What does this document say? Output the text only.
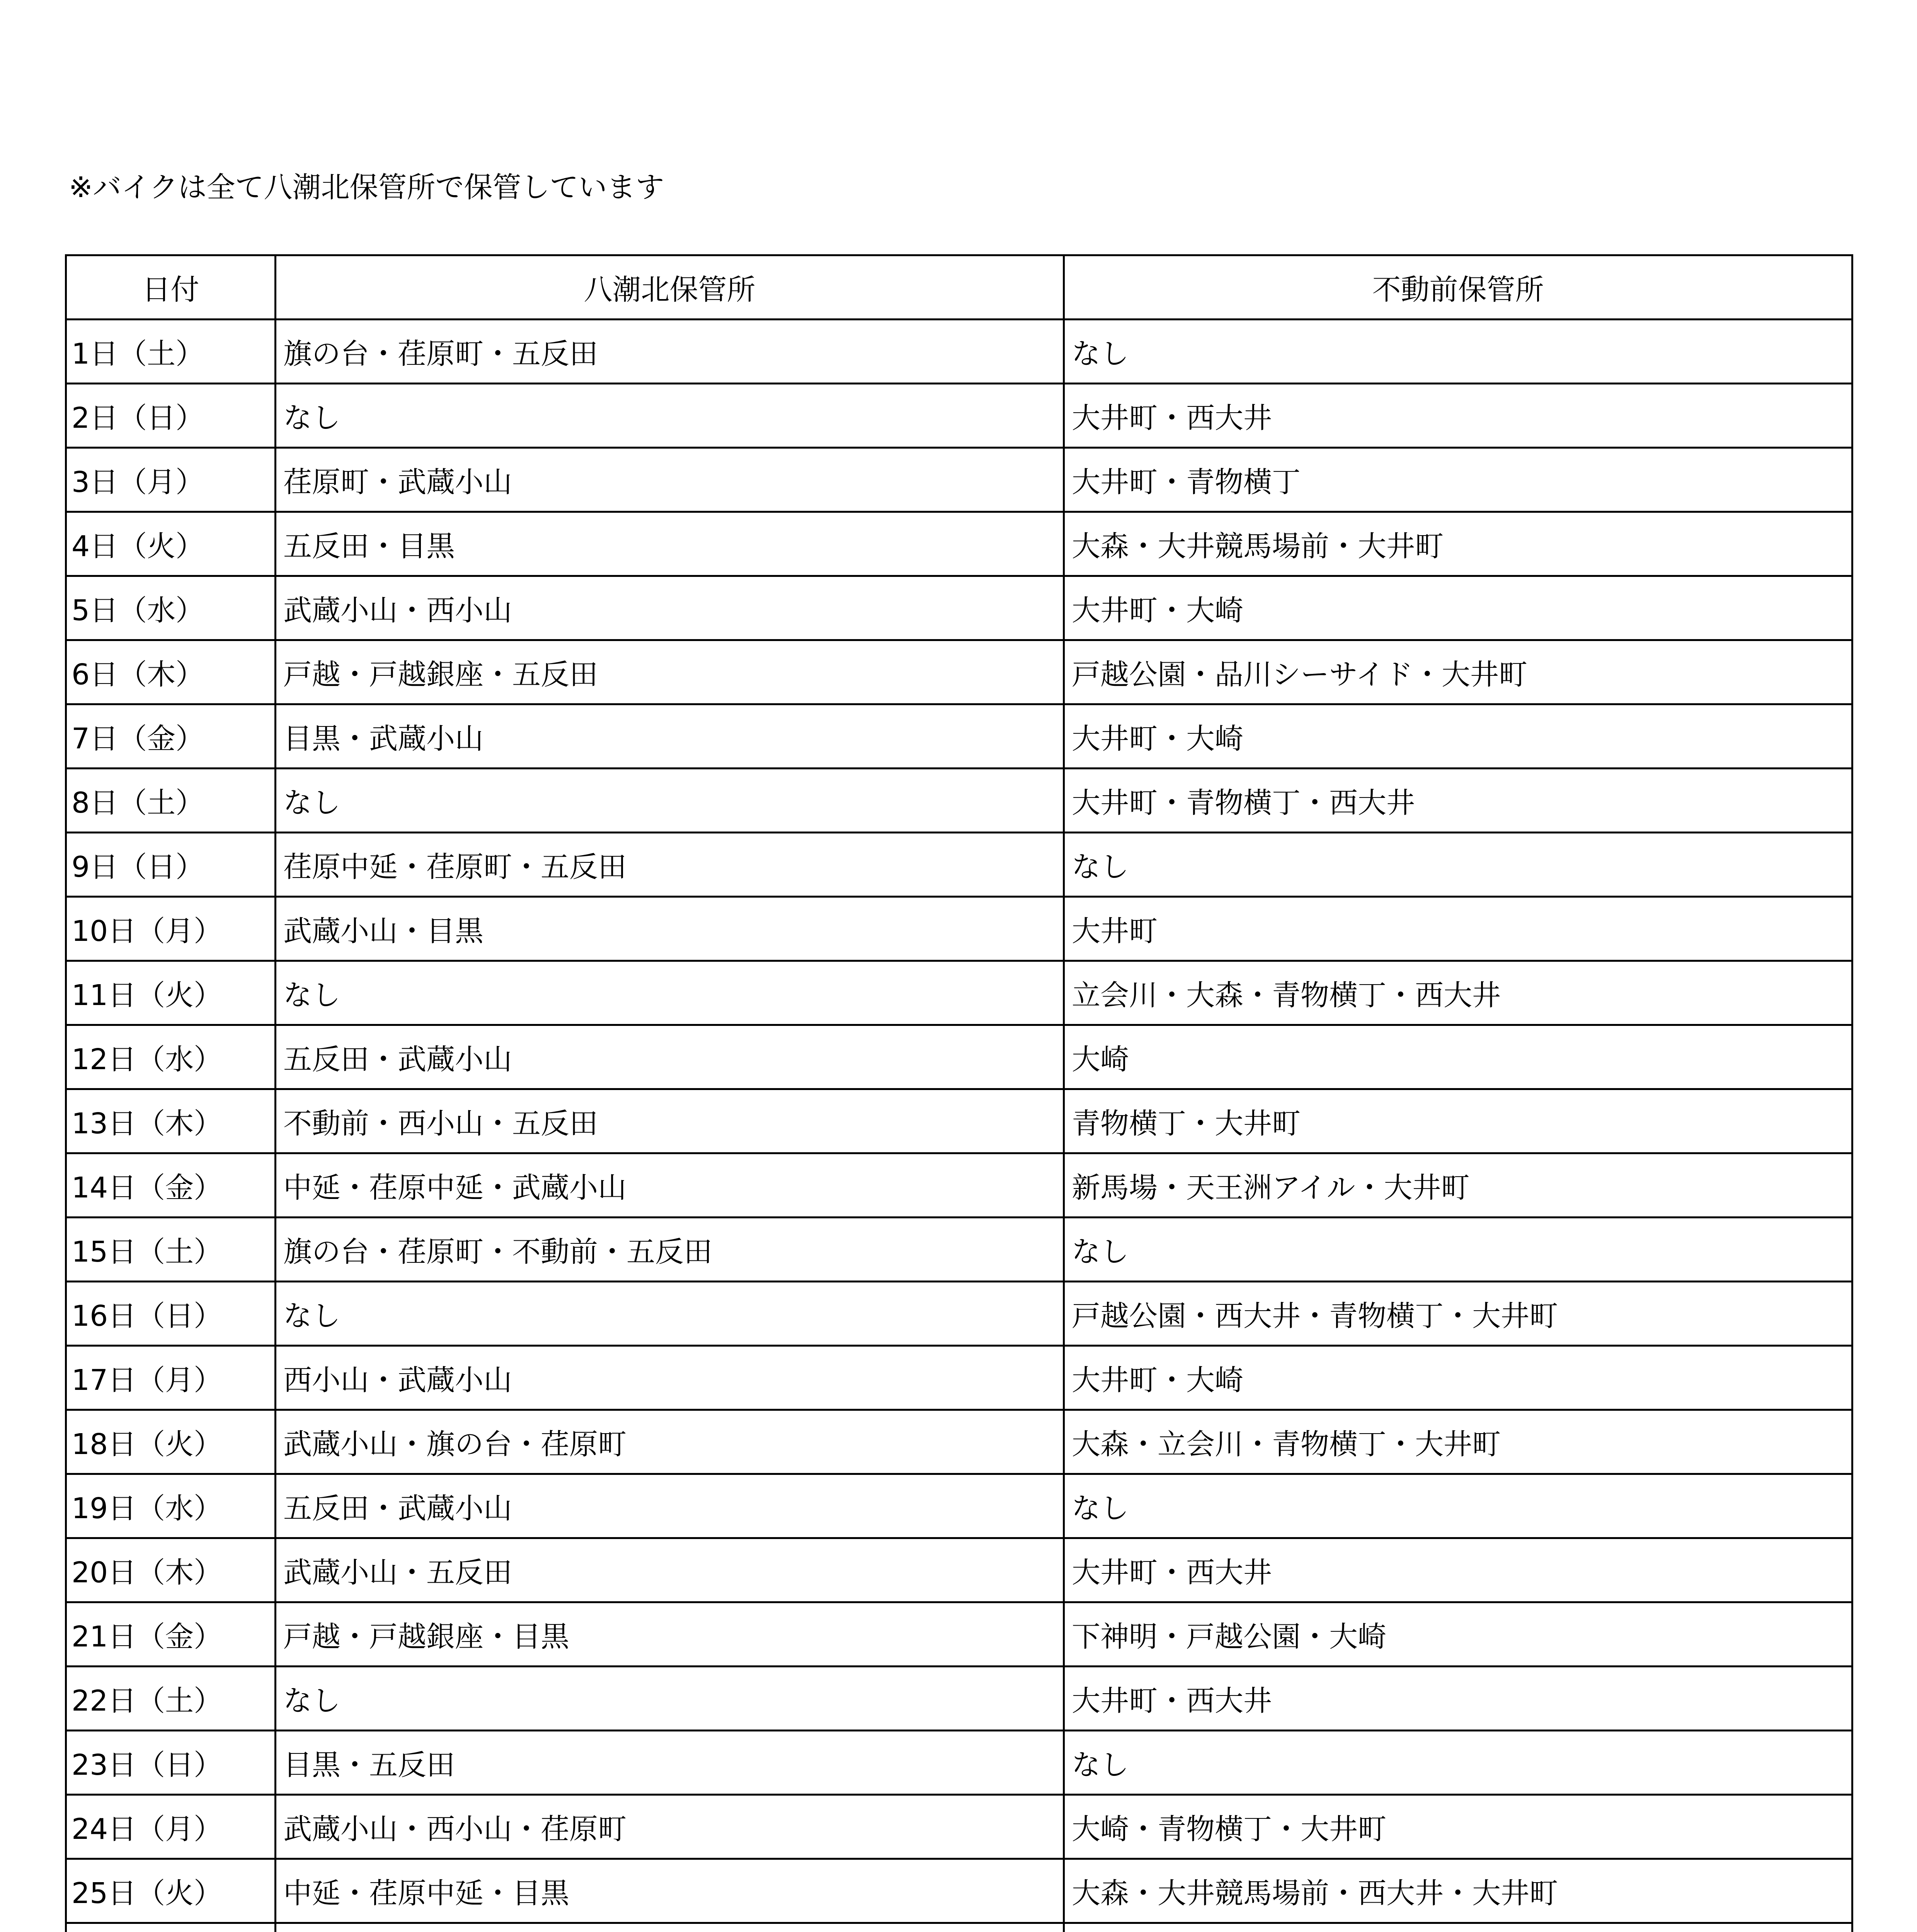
※バイクは全て八潮北保管所で保管しています
日付	八潮北保管所	不動前保管所
1日（土）	旗の台・荏原町・五反田	なし
2日（日）	なし	大井町・西大井
3日（月）	荏原町・武蔵小山	大井町・青物横丁
4日（火）	五反田・目黒	大森・大井競馬場前・大井町
5日（水）	武蔵小山・西小山	大井町・大崎
6日（木）	戸越・戸越銀座・五反田	戸越公園・品川シーサイド・大井町
7日（金）	目黒・武蔵小山	大井町・大崎
8日（土）	なし	大井町・青物横丁・西大井
9日（日）	荏原中延・荏原町・五反田	なし
10日（月）	武蔵小山・目黒	大井町
11日（火）	なし	立会川・大森・青物横丁・西大井
12日（水）	五反田・武蔵小山	大崎
13日（木）	不動前・西小山・五反田	青物横丁・大井町
14日（金）	中延・荏原中延・武蔵小山	新馬場・天王洲アイル・大井町
15日（土）	旗の台・荏原町・不動前・五反田	なし
16日（日）	なし	戸越公園・西大井・青物横丁・大井町
17日（月）	西小山・武蔵小山	大井町・大崎
18日（火）	武蔵小山・旗の台・荏原町	大森・立会川・青物横丁・大井町
19日（水）	五反田・武蔵小山	なし
20日（木）	武蔵小山・五反田	大井町・西大井
21日（金）	戸越・戸越銀座・目黒	下神明・戸越公園・大崎
22日（土）	なし	大井町・西大井
23日（日）	目黒・五反田	なし
24日（月）	武蔵小山・西小山・荏原町	大崎・青物横丁・大井町
25日（火）	中延・荏原中延・目黒	大森・大井競馬場前・西大井・大井町
